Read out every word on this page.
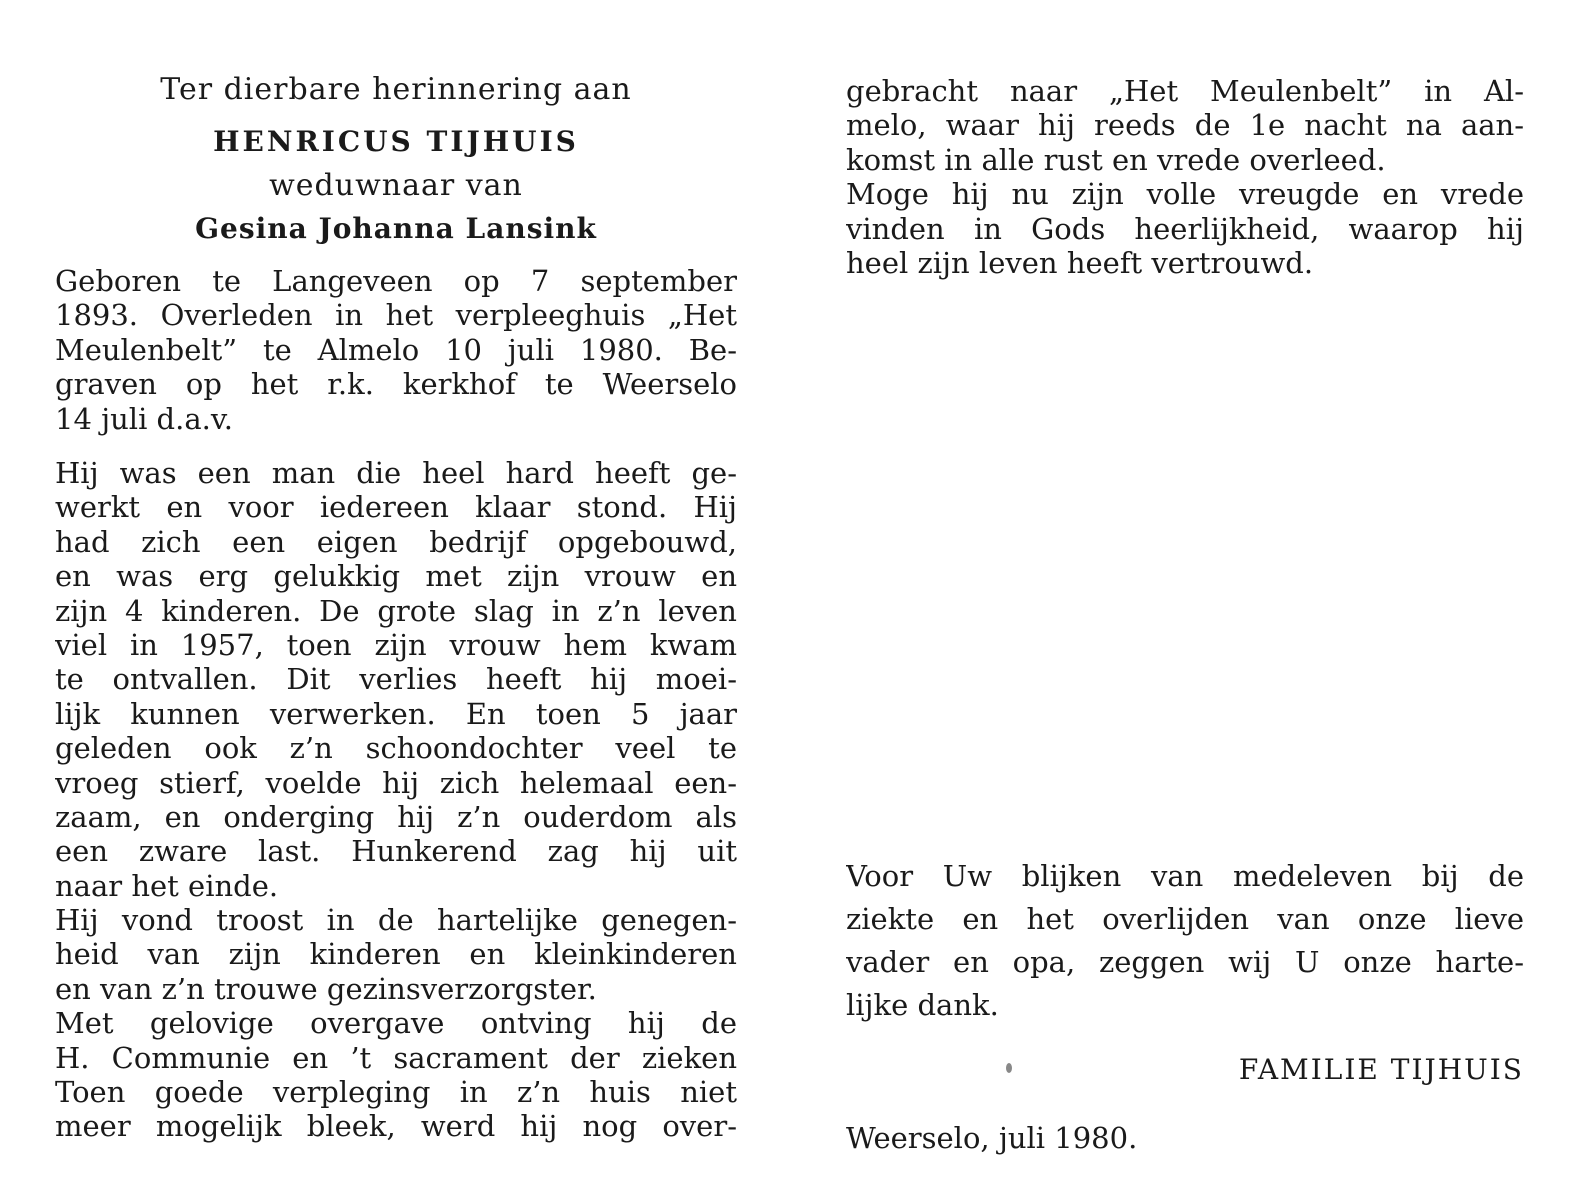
Ter dierbare herinnering aan
HENRICUS TIJHUIS
weduwnaar van
Gesina Johanna Lansink
Geboren te Langeveen op 7 september
1893. Overleden in het verpleeghuis „Het
Meulenbelt” te Almelo 10 juli 1980. Be-
graven op het r.k. kerkhof te Weerselo
14 juli d.a.v.
Hij was een man die heel hard heeft ge-
werkt en voor iedereen klaar stond. Hij
had zich een eigen bedrijf opgebouwd,
en was erg gelukkig met zijn vrouw en
zijn 4 kinderen. De grote slag in z’n leven
viel in 1957, toen zijn vrouw hem kwam
te ontvallen. Dit verlies heeft hij moei-
lijk kunnen verwerken. En toen 5 jaar
geleden ook z’n schoondochter veel te
vroeg stierf, voelde hij zich helemaal een-
zaam, en onderging hij z’n ouderdom als
een zware last. Hunkerend zag hij uit
naar het einde.
Hij vond troost in de hartelijke genegen-
heid van zijn kinderen en kleinkinderen
en van z’n trouwe gezinsverzorgster.
Met gelovige overgave ontving hij de
H. Communie en ’t sacrament der zieken
Toen goede verpleging in z’n huis niet
meer mogelijk bleek, werd hij nog over-
gebracht naar „Het Meulenbelt” in Al-
melo, waar hij reeds de 1e nacht na aan-
komst in alle rust en vrede overleed.
Moge hij nu zijn volle vreugde en vrede
vinden in Gods heerlijkheid, waarop hij
heel zijn leven heeft vertrouwd.
Voor Uw blijken van medeleven bij de
ziekte en het overlijden van onze lieve
vader en opa, zeggen wij U onze harte-
lijke dank.
FAMILIE TIJHUIS
Weerselo, juli 1980.
